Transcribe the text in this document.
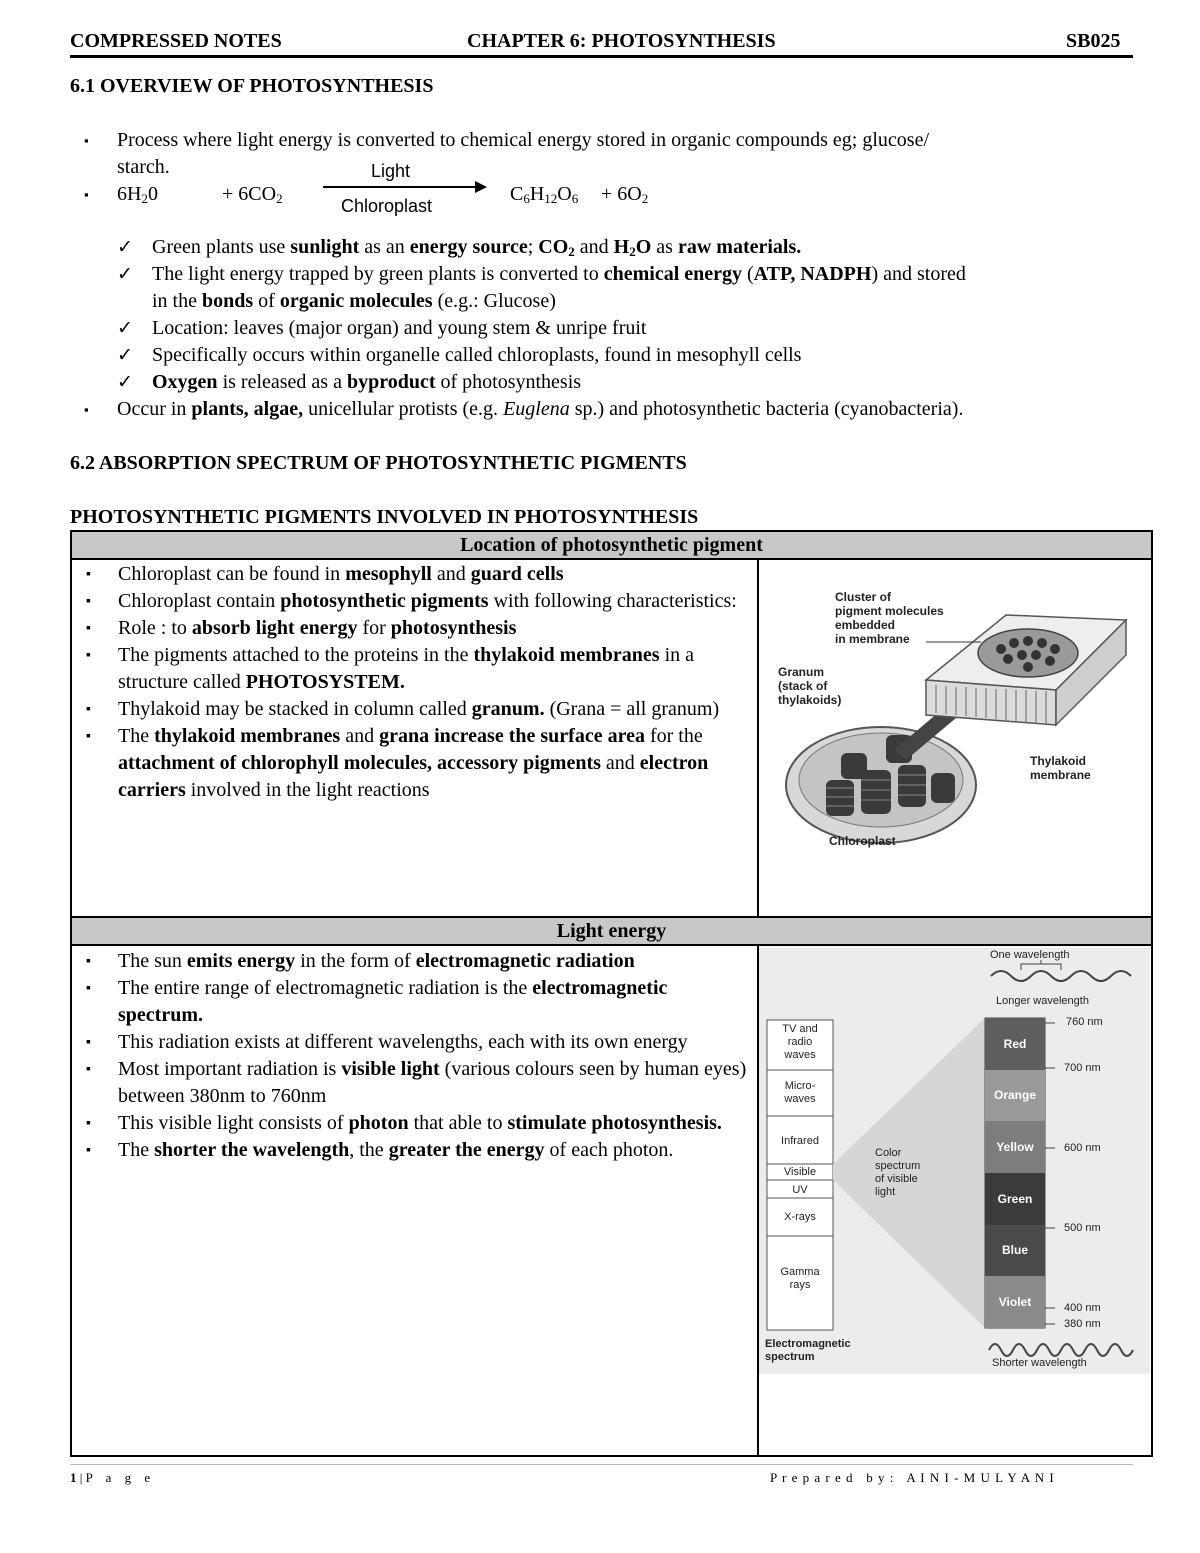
COMPRESSED NOTES	CHAPTER 6: PHOTOSYNTHESIS	SB025
6.1 OVERVIEW OF PHOTOSYNTHESIS
▪ Process where light energy is converted to chemical energy stored in organic compounds eg; glucose/
starch.
▪ $6H_20$	+ $6CO_2$
Light
Chloroplast
$C_6H_{12}O_6 + 6O_2$
✓ Green plants use sunlight as an energy source; $CO_2$ and $H_2O$ as raw materials.
✓ The light energy trapped by green plants is converted to chemical energy (ATP, NADPH) and stored
in the bonds of organic molecules (e.g.: Glucose)
✓ Location: leaves (major organ) and young stem & unripe fruit
✓ Specifically occurs within organelle called chloroplasts, found in mesophyll cells
✓ Oxygen is released as a byproduct of photosynthesis
▪ Occur in plants, algae, unicellular protists (e.g. Euglena sp.) and photosynthetic bacteria (cyanobacteria).
6.2 ABSORPTION SPECTRUM OF PHOTOSYNTHETIC PIGMENTS
PHOTOSYNTHETIC PIGMENTS INVOLVED IN PHOTOSYNTHESIS
Location of photosynthetic pigment
Light energy
▪ Chloroplast can be found in mesophyll and guard cells
▪ Chloroplast contain photosynthetic pigments with following characteristics:
▪ Role : to absorb light energy for photosynthesis
▪ The pigments attached to the proteins in the thylakoid membranes in a structure called PHOTOSYSTEM.
▪ Thylakoid may be stacked in column called granum. (Grana = all granum)
▪ The thylakoid membranes and grana increase the surface area for the attachment of chlorophyll molecules, accessory pigments and electron carriers involved in the light reactions
Cluster of
pigment molecules
embedded
in membrane
Granum
(stack of
thylakoids)
Thylakoid
membrane
Chloroplast
▪ The sun emits energy in the form of electromagnetic radiation
▪ The entire range of electromagnetic radiation is the electromagnetic spectrum.
▪ This radiation exists at different wavelengths, each with its own energy
▪ Most important radiation is visible light (various colours seen by human eyes) between 380nm to 760nm
▪ This visible light consists of photon that able to stimulate photosynthesis.
▪ The shorter the wavelength, the greater the energy of each photon.
Red
Orange
Yellow
Green
Blue
Violet
One wavelength
Longer wavelength
Shorter wavelength
Electromagnetic
spectrum
Color
spectrum
of visible
light
TV and
radio
waves
Micro-
waves
Infrared
Visible
UV
X-rays
Gamma
rays
760 nm
700 nm
600 nm
500 nm
400 nm
380 nm
1 | P a g e	P r e p a r e d   b y :   A I N I - M U L Y A N I
